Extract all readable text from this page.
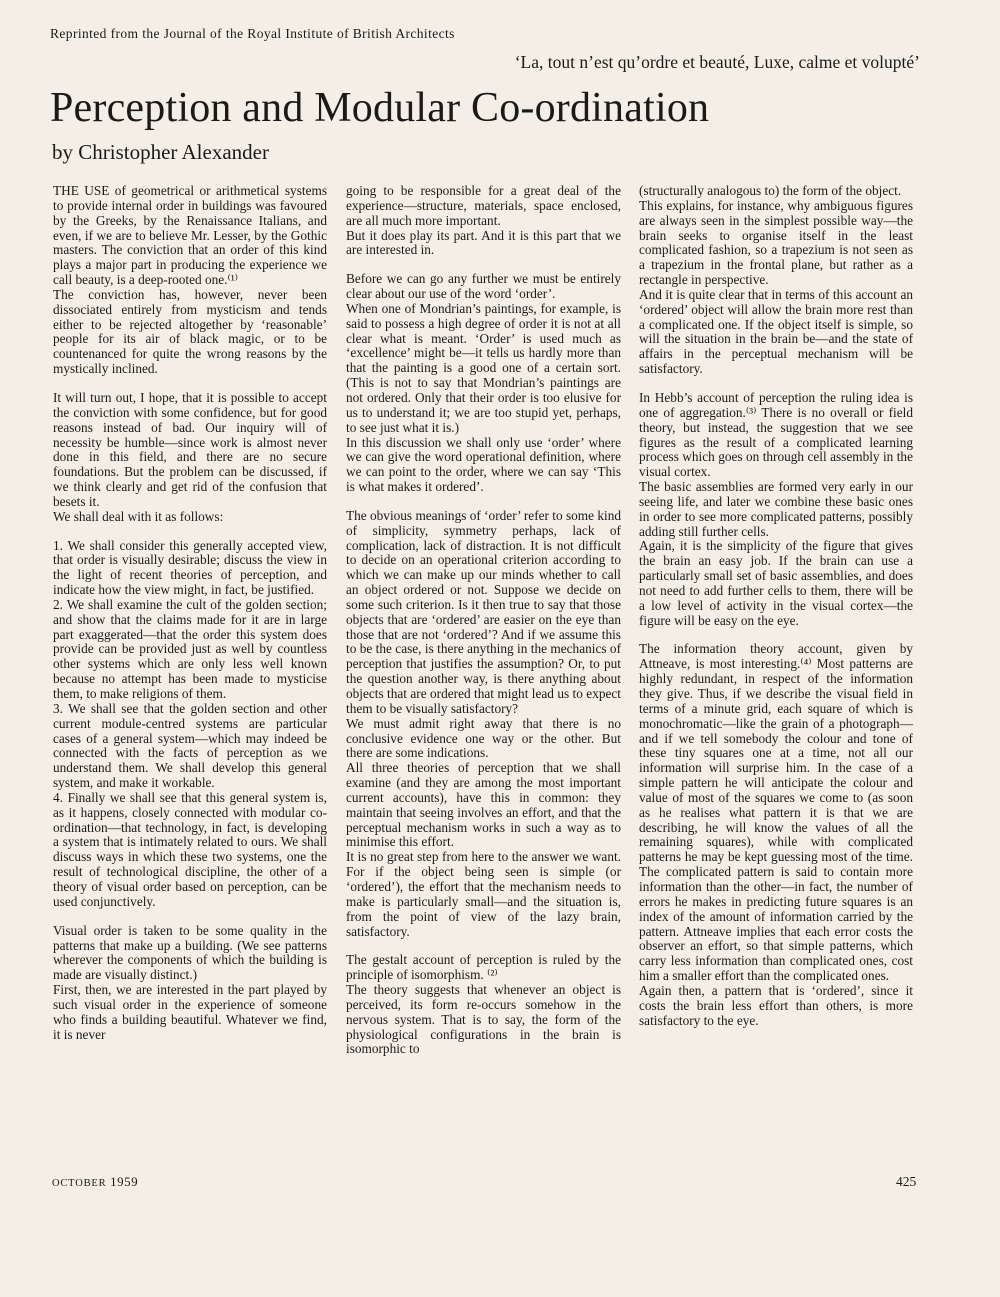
Reprinted from the Journal of the Royal Institute of British Architects
‘La, tout n’est qu’ordre et beauté, Luxe, calme et volupté’
Perception and Modular Co-ordination
by Christopher Alexander

THE USE of geometrical or arithmetical systems to provide internal order in buildings was favoured by the Greeks, by the Renaissance Italians, and even, if we are to believe Mr. Lesser, by the Gothic masters. The conviction that an order of this kind plays a major part in producing the experience we call beauty, is a deep-rooted one.⁽¹⁾

The conviction has, however, never been dissociated entirely from mysticism and tends either to be rejected altogether by ‘reasonable’ people for its air of black magic, or to be countenanced for quite the wrong reasons by the mystically inclined.

It will turn out, I hope, that it is possible to accept the conviction with some confidence, but for good reasons instead of bad. Our inquiry will of necessity be humble—since work is almost never done in this field, and there are no secure foundations. But the problem can be discussed, if we think clearly and get rid of the confusion that besets it.

We shall deal with it as follows:

1. We shall consider this generally accepted view, that order is visually desirable; discuss the view in the light of recent theories of perception, and indicate how the view might, in fact, be justified.

2. We shall examine the cult of the golden section; and show that the claims made for it are in large part exaggerated—that the order this system does provide can be provided just as well by countless other systems which are only less well known because no attempt has been made to mysticise them, to make religions of them.

3. We shall see that the golden section and other current module-centred systems are particular cases of a general system—which may indeed be connected with the facts of perception as we understand them. We shall develop this general system, and make it workable.

4. Finally we shall see that this general system is, as it happens, closely connected with modular co-ordination—that technology, in fact, is developing a system that is intimately related to ours. We shall discuss ways in which these two systems, one the result of technological discipline, the other of a theory of visual order based on perception, can be used conjunctively.

Visual order is taken to be some quality in the patterns that make up a building. (We see patterns wherever the components of which the building is made are visually distinct.)

First, then, we are interested in the part played by such visual order in the experience of someone who finds a building beautiful. Whatever we find, it is never

going to be responsible for a great deal of the experience—structure, materials, space enclosed, are all much more important.

But it does play its part. And it is this part that we are interested in.

Before we can go any further we must be entirely clear about our use of the word ‘order’.

When one of Mondrian’s paintings, for example, is said to possess a high degree of order it is not at all clear what is meant. ‘Order’ is used much as ‘excellence’ might be—it tells us hardly more than that the painting is a good one of a certain sort. (This is not to say that Mondrian’s paintings are not ordered. Only that their order is too elusive for us to understand it; we are too stupid yet, perhaps, to see just what it is.)

In this discussion we shall only use ‘order’ where we can give the word operational definition, where we can point to the order, where we can say ‘This is what makes it ordered’.

The obvious meanings of ‘order’ refer to some kind of simplicity, symmetry perhaps, lack of complication, lack of distraction. It is not difficult to decide on an operational criterion according to which we can make up our minds whether to call an object ordered or not. Suppose we decide on some such criterion. Is it then true to say that those objects that are ‘ordered’ are easier on the eye than those that are not ‘ordered’? And if we assume this to be the case, is there anything in the mechanics of perception that justifies the assumption? Or, to put the question another way, is there anything about objects that are ordered that might lead us to expect them to be visually satisfactory?

We must admit right away that there is no conclusive evidence one way or the other. But there are some indications.

All three theories of perception that we shall examine (and they are among the most important current accounts), have this in common: they maintain that seeing involves an effort, and that the perceptual mechanism works in such a way as to minimise this effort.

It is no great step from here to the answer we want. For if the object being seen is simple (or ‘ordered’), the effort that the mechanism needs to make is particularly small—and the situation is, from the point of view of the lazy brain, satisfactory.

The gestalt account of perception is ruled by the principle of isomorphism. ⁽²⁾

The theory suggests that whenever an object is perceived, its form re-occurs somehow in the nervous system. That is to say, the form of the physiological configurations in the brain is isomorphic to

(structurally analogous to) the form of the object.

This explains, for instance, why ambiguous figures are always seen in the simplest possible way—the brain seeks to organise itself in the least complicated fashion, so a trapezium is not seen as a trapezium in the frontal plane, but rather as a rectangle in perspective.

And it is quite clear that in terms of this account an ‘ordered’ object will allow the brain more rest than a complicated one. If the object itself is simple, so will the situation in the brain be—and the state of affairs in the perceptual mechanism will be satisfactory.

In Hebb’s account of perception the ruling idea is one of aggregation.⁽³⁾ There is no overall or field theory, but instead, the suggestion that we see figures as the result of a complicated learning process which goes on through cell assembly in the visual cortex.

The basic assemblies are formed very early in our seeing life, and later we combine these basic ones in order to see more complicated patterns, possibly adding still further cells.

Again, it is the simplicity of the figure that gives the brain an easy job. If the brain can use a particularly small set of basic assemblies, and does not need to add further cells to them, there will be a low level of activity in the visual cortex—the figure will be easy on the eye.

The information theory account, given by Attneave, is most interesting.⁽⁴⁾ Most patterns are highly redundant, in respect of the information they give. Thus, if we describe the visual field in terms of a minute grid, each square of which is monochromatic—like the grain of a photograph—and if we tell somebody the colour and tone of these tiny squares one at a time, not all our information will surprise him. In the case of a simple pattern he will anticipate the colour and value of most of the squares we come to (as soon as he realises what pattern it is that we are describing, he will know the values of all the remaining squares), while with complicated patterns he may be kept guessing most of the time. The complicated pattern is said to contain more information than the other—in fact, the number of errors he makes in predicting future squares is an index of the amount of information carried by the pattern. Attneave implies that each error costs the observer an effort, so that simple patterns, which carry less information than complicated ones, cost him a smaller effort than the complicated ones.

Again then, a pattern that is ‘ordered’, since it costs the brain less effort than others, is more satisfactory to the eye.

OCTOBER 1959	425
